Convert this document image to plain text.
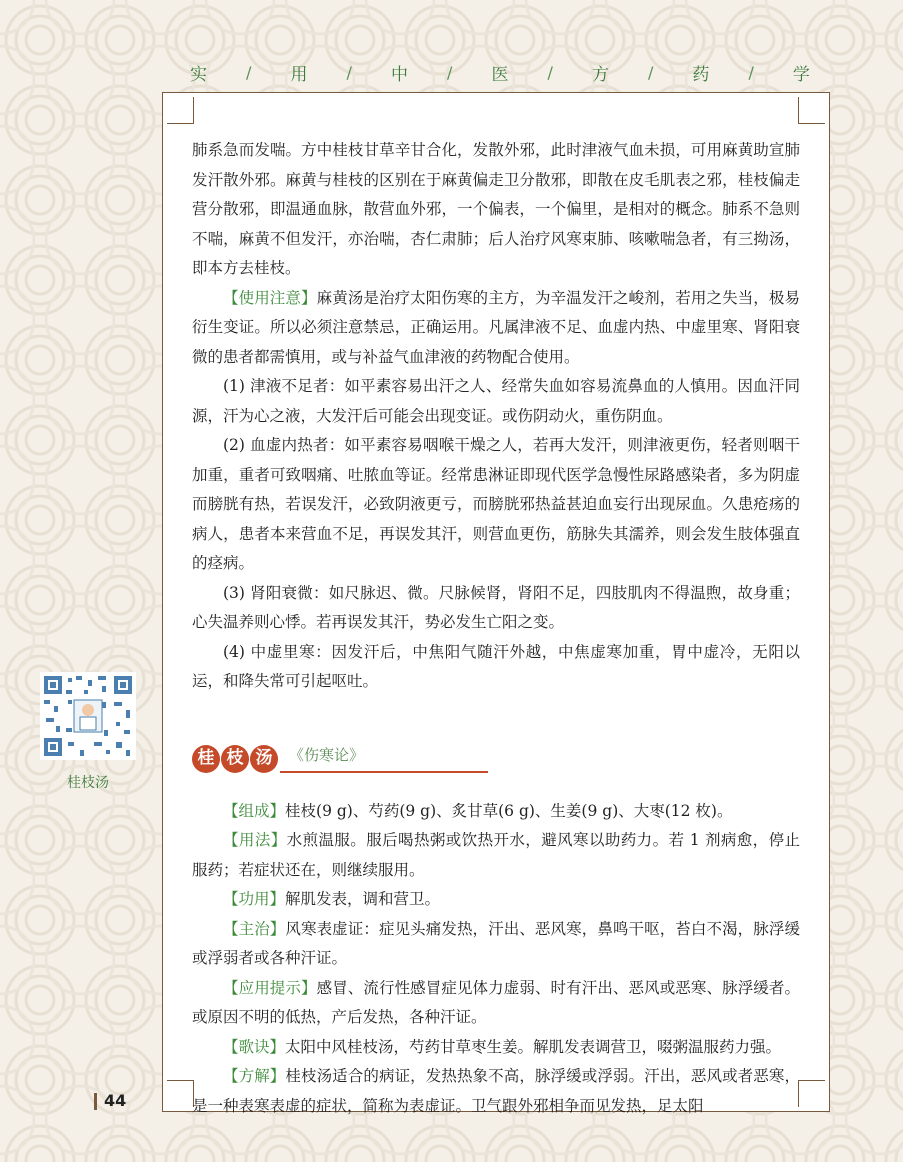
实 / 用 / 中 / 医 / 方 / 药 / 学

肺系急而发喘。方中桂枝甘草辛甘合化，发散外邪，此时津液气血未损，可用麻黄助宣肺发汗散外邪。麻黄与桂枝的区别在于麻黄偏走卫分散邪，即散在皮毛肌表之邪，桂枝偏走营分散邪，即温通血脉，散营血外邪，一个偏表，一个偏里，是相对的概念。肺系不急则不喘，麻黄不但发汗，亦治喘，杏仁肃肺；后人治疗风寒束肺、咳嗽喘急者，有三拗汤，即本方去桂枝。

【使用注意】麻黄汤是治疗太阳伤寒的主方，为辛温发汗之峻剂，若用之失当，极易衍生变证。所以必须注意禁忌，正确运用。凡属津液不足、血虚内热、中虚里寒、肾阳衰微的患者都需慎用，或与补益气血津液的药物配合使用。

(1) 津液不足者：如平素容易出汗之人、经常失血如容易流鼻血的人慎用。因血汗同源，汗为心之液，大发汗后可能会出现变证。或伤阴动火，重伤阴血。

(2) 血虚内热者：如平素容易咽喉干燥之人，若再大发汗，则津液更伤，轻者则咽干加重，重者可致咽痛、吐脓血等证。经常患淋证即现代医学急慢性尿路感染者，多为阴虚而膀胱有热，若误发汗，必致阴液更亏，而膀胱邪热益甚迫血妄行出现尿血。久患疮疡的病人，患者本来营血不足，再误发其汗，则营血更伤，筋脉失其濡养，则会发生肢体强直的痉病。

(3) 肾阳衰微：如尺脉迟、微。尺脉候肾，肾阳不足，四肢肌肉不得温煦，故身重；心失温养则心悸。若再误发其汗，势必发生亡阳之变。

(4) 中虚里寒：因发汗后，中焦阳气随汗外越，中焦虚寒加重，胃中虚冷，无阳以运，和降失常可引起呕吐。

桂 枝 汤	《伤寒论》

【组成】桂枝(9 g)、芍药(9 g)、炙甘草(6 g)、生姜(9 g)、大枣(12 枚)。

【用法】水煎温服。服后喝热粥或饮热开水，避风寒以助药力。若 1 剂病愈，停止服药；若症状还在，则继续服用。

【功用】解肌发表，调和营卫。

【主治】风寒表虚证：症见头痛发热，汗出、恶风寒，鼻鸣干呕，苔白不渴，脉浮缓或浮弱者或各种汗证。

【应用提示】感冒、流行性感冒症见体力虚弱、时有汗出、恶风或恶寒、脉浮缓者。或原因不明的低热，产后发热，各种汗证。

【歌诀】太阳中风桂枝汤，芍药甘草枣生姜。解肌发表调营卫，啜粥温服药力强。

【方解】桂枝汤适合的病证，发热热象不高，脉浮缓或浮弱。汗出，恶风或者恶寒，是一种表寒表虚的症状，简称为表虚证。卫气跟外邪相争而见发热，足太阳

桂枝汤
44
